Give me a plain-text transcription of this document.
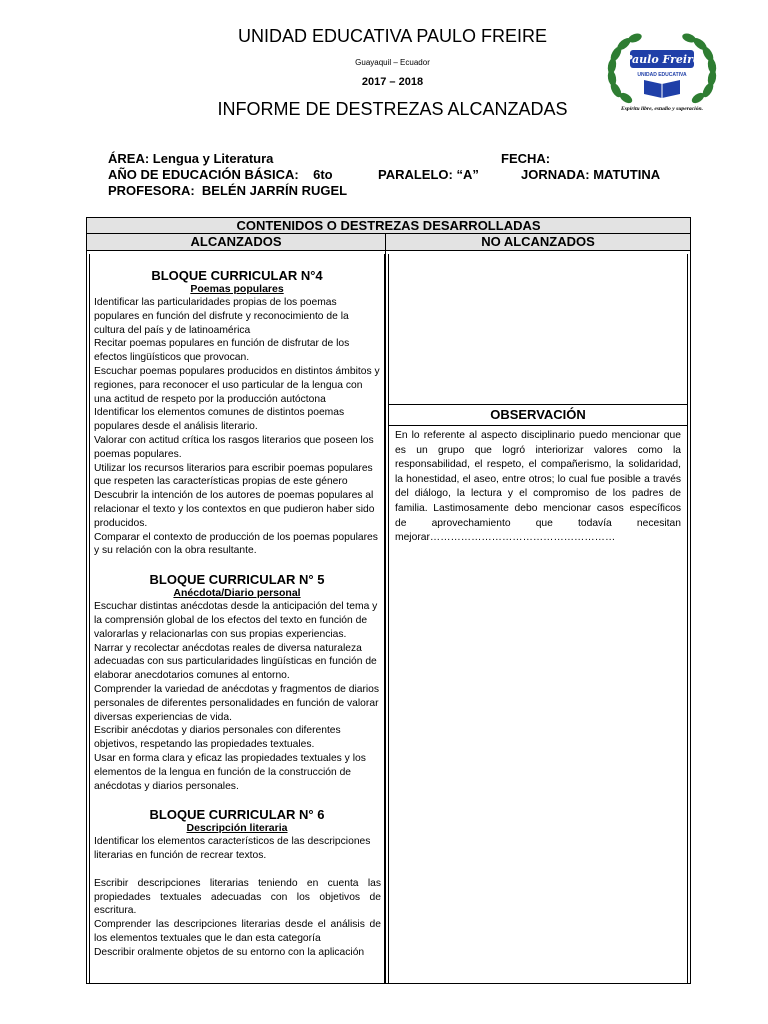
UNIDAD EDUCATIVA PAULO FREIRE
Guayaquil – Ecuador
2017 – 2018
INFORME DE DESTREZAS ALCANZADAS
Paulo Freire
UNIDAD EDUCATIVA
Espíritu libre, estudio y superación.
ÁREA: Lengua y Literatura	FECHA:
AÑO DE EDUCACIÓN BÁSICA:    6to	PARALELO: “A”	JORNADA: MATUTINA
PROFESORA:  BELÉN JARRÍN RUGEL
CONTENIDOS O DESTREZAS DESARROLLADAS
ALCANZADOS	NO ALCANZADOS
BLOQUE CURRICULAR N°4
Poemas populares
Identificar las particularidades propias de los poemas populares en función del disfrute y reconocimiento de la cultura del país y de latinoamérica
Recitar poemas populares en función de disfrutar de los efectos lingüísticos que provocan.
Escuchar poemas populares producidos en distintos ámbitos y regiones, para reconocer el uso particular de la lengua con una actitud de respeto por la producción autóctona
Identificar los elementos comunes de distintos poemas populares desde el análisis literario.
Valorar con actitud crítica los rasgos literarios que poseen los poemas populares.
Utilizar los recursos literarios para escribir poemas populares que respeten las características propias de este género
Descubrir la intención de los autores de poemas populares al relacionar el texto y los contextos en que pudieron haber sido producidos.
Comparar el contexto de producción de los poemas populares y su relación con la obra resultante.
BLOQUE CURRICULAR N° 5
Anécdota/Diario personal
Escuchar distintas anécdotas desde la anticipación del tema y la comprensión global de los efectos del texto en función de valorarlas y relacionarlas con sus propias experiencias.
Narrar y recolectar anécdotas reales de diversa naturaleza adecuadas con sus particularidades lingüísticas en función de elaborar anecdotarios comunes al entorno.
Comprender la variedad de anécdotas y fragmentos de diarios personales de diferentes personalidades en función de valorar diversas experiencias de vida.
Escribir anécdotas y diarios personales con diferentes objetivos, respetando las propiedades textuales.
Usar en forma clara y eficaz las propiedades textuales y los elementos de la lengua en función de la construcción de anécdotas y diarios personales.
BLOQUE CURRICULAR N° 6
Descripción literaria
Identificar los elementos característicos de las descripciones literarias en función de recrear textos.
Escribir descripciones literarias teniendo en cuenta las propiedades textuales adecuadas con los objetivos de escritura.
Comprender las descripciones literarias desde el análisis de los elementos textuales que le dan esta categoría
Describir oralmente objetos de su entorno con la aplicación
OBSERVACIÓN
En lo referente al aspecto disciplinario puedo mencionar que es un grupo que logró interiorizar valores como la responsabilidad, el respeto, el compañerismo, la solidaridad, la honestidad, el aseo, entre otros; lo cual fue posible a través del diálogo, la lectura y el compromiso de los padres de familia. Lastimosamente debo mencionar casos específicos de aprovechamiento que todavía necesitan mejorar………………………………………………
